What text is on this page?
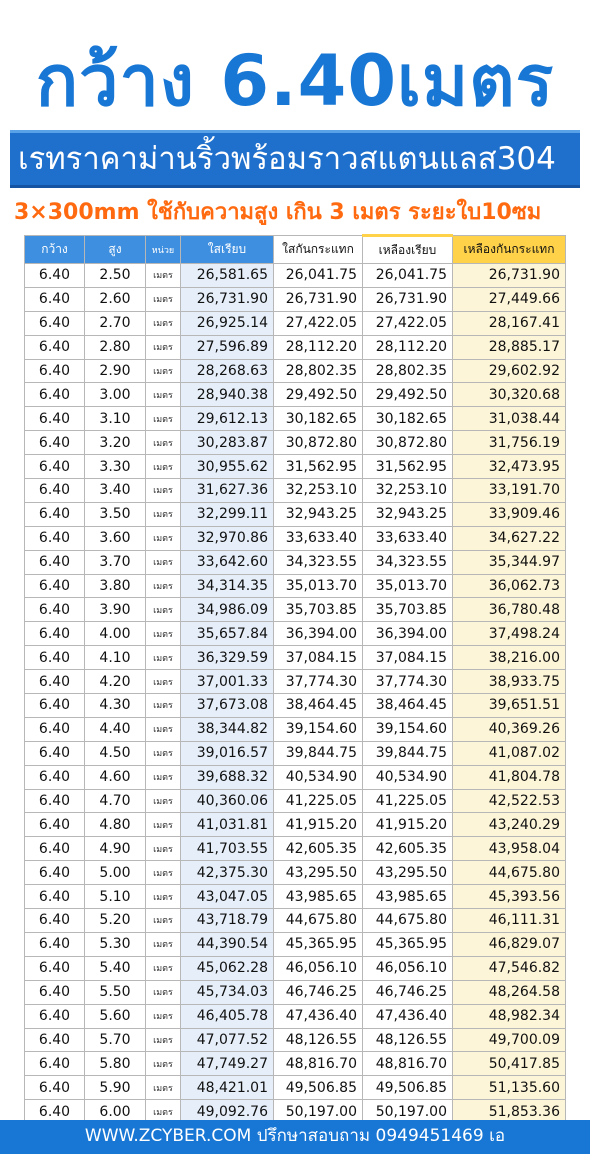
กว้าง 6.40เมตร
เรทราคาม่านริ้วพร้อมราวสแตนแลส304
3×300mm ใช้กับความสูง เกิน 3 เมตร ระยะใบ10ซม
กว้าง	สูง	หน่วย	ใสเรียบ	ใสกันกระแทก	เหลืองเรียบ	เหลืองกันกระแทก
6.40	2.50	เมตร	26,581.65	26,041.75	26,041.75	26,731.90
6.40	2.60	เมตร	26,731.90	26,731.90	26,731.90	27,449.66
6.40	2.70	เมตร	26,925.14	27,422.05	27,422.05	28,167.41
6.40	2.80	เมตร	27,596.89	28,112.20	28,112.20	28,885.17
6.40	2.90	เมตร	28,268.63	28,802.35	28,802.35	29,602.92
6.40	3.00	เมตร	28,940.38	29,492.50	29,492.50	30,320.68
6.40	3.10	เมตร	29,612.13	30,182.65	30,182.65	31,038.44
6.40	3.20	เมตร	30,283.87	30,872.80	30,872.80	31,756.19
6.40	3.30	เมตร	30,955.62	31,562.95	31,562.95	32,473.95
6.40	3.40	เมตร	31,627.36	32,253.10	32,253.10	33,191.70
6.40	3.50	เมตร	32,299.11	32,943.25	32,943.25	33,909.46
6.40	3.60	เมตร	32,970.86	33,633.40	33,633.40	34,627.22
6.40	3.70	เมตร	33,642.60	34,323.55	34,323.55	35,344.97
6.40	3.80	เมตร	34,314.35	35,013.70	35,013.70	36,062.73
6.40	3.90	เมตร	34,986.09	35,703.85	35,703.85	36,780.48
6.40	4.00	เมตร	35,657.84	36,394.00	36,394.00	37,498.24
6.40	4.10	เมตร	36,329.59	37,084.15	37,084.15	38,216.00
6.40	4.20	เมตร	37,001.33	37,774.30	37,774.30	38,933.75
6.40	4.30	เมตร	37,673.08	38,464.45	38,464.45	39,651.51
6.40	4.40	เมตร	38,344.82	39,154.60	39,154.60	40,369.26
6.40	4.50	เมตร	39,016.57	39,844.75	39,844.75	41,087.02
6.40	4.60	เมตร	39,688.32	40,534.90	40,534.90	41,804.78
6.40	4.70	เมตร	40,360.06	41,225.05	41,225.05	42,522.53
6.40	4.80	เมตร	41,031.81	41,915.20	41,915.20	43,240.29
6.40	4.90	เมตร	41,703.55	42,605.35	42,605.35	43,958.04
6.40	5.00	เมตร	42,375.30	43,295.50	43,295.50	44,675.80
6.40	5.10	เมตร	43,047.05	43,985.65	43,985.65	45,393.56
6.40	5.20	เมตร	43,718.79	44,675.80	44,675.80	46,111.31
6.40	5.30	เมตร	44,390.54	45,365.95	45,365.95	46,829.07
6.40	5.40	เมตร	45,062.28	46,056.10	46,056.10	47,546.82
6.40	5.50	เมตร	45,734.03	46,746.25	46,746.25	48,264.58
6.40	5.60	เมตร	46,405.78	47,436.40	47,436.40	48,982.34
6.40	5.70	เมตร	47,077.52	48,126.55	48,126.55	49,700.09
6.40	5.80	เมตร	47,749.27	48,816.70	48,816.70	50,417.85
6.40	5.90	เมตร	48,421.01	49,506.85	49,506.85	51,135.60
6.40	6.00	เมตร	49,092.76	50,197.00	50,197.00	51,853.36
WWW.ZCYBER.COM ปรึกษาสอบถาม 0949451469 เอ
